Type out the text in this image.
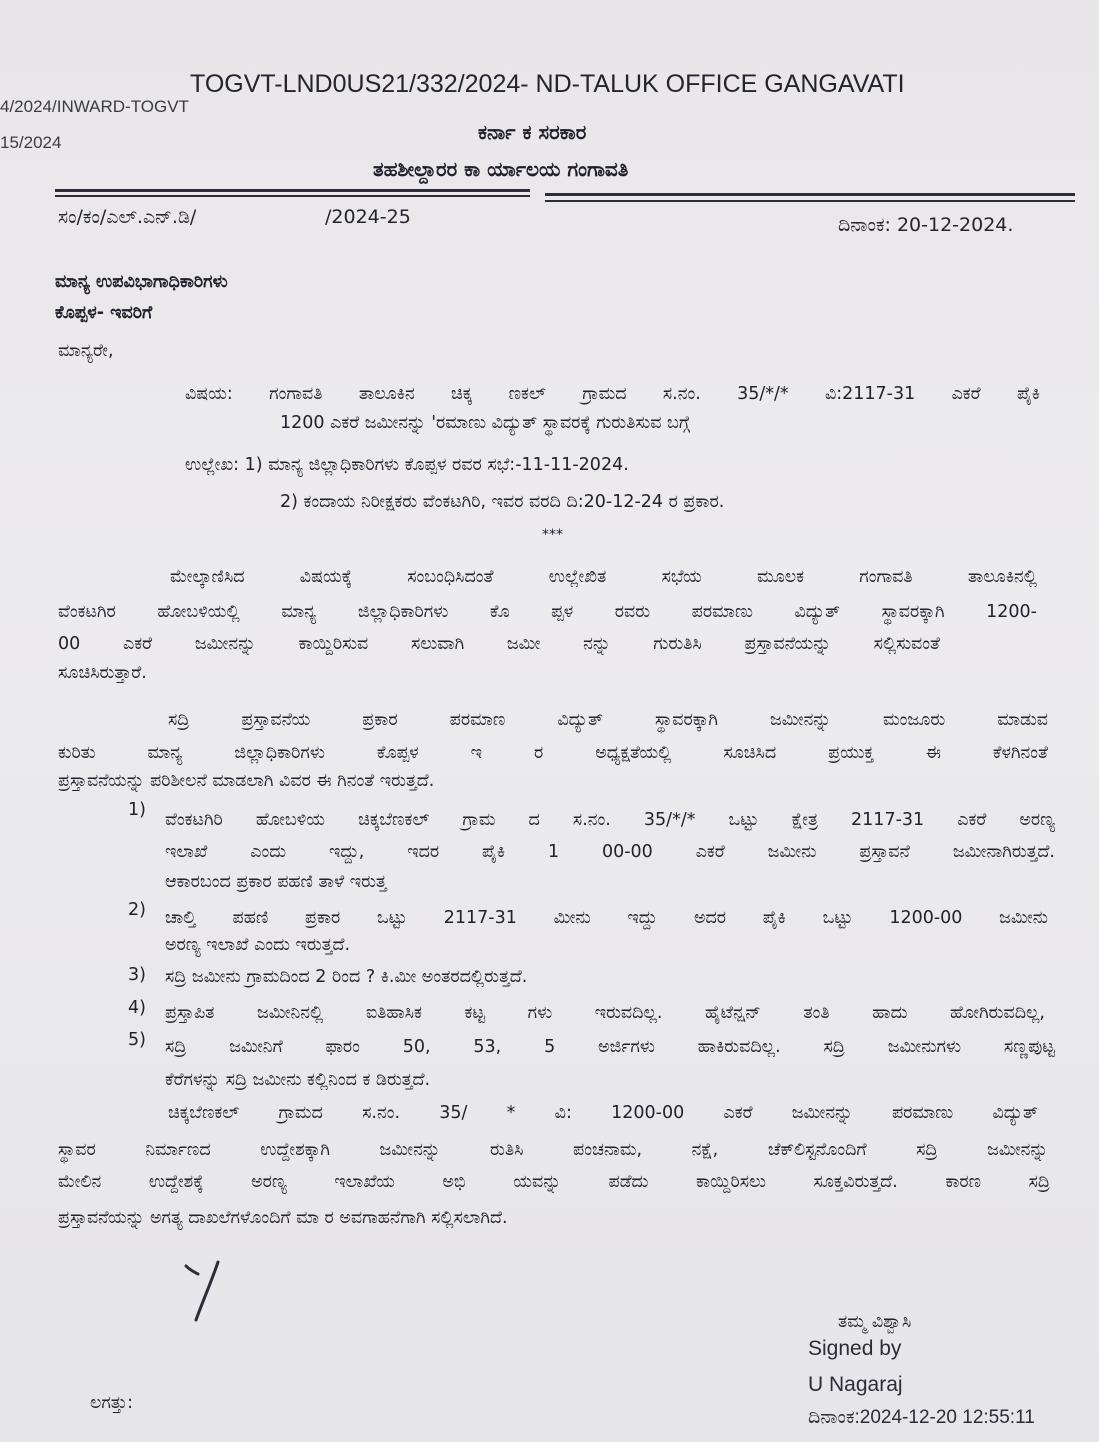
TOGVT-LND0US21/332/2024- ND-TALUK OFFICE GANGAVATI
4/2024/INWARD-TOGVT
15/2024	ಕರ್ನಾ ಕ ಸರಕಾರ
ತಹಶೀಲ್ದಾರರ ಕಾ ರ್ಯಾಲಯ ಗಂಗಾವತಿ
ಸಂ/ಕಂ/ಎಲ್.ಎನ್.ಡಿ/	/2024-25	ದಿನಾಂಕ: 20-12-2024.
ಮಾನ್ಯ ಉಪವಿಭಾಗಾಧಿಕಾರಿಗಳು
ಕೊಪ್ಪಳ- ಇವರಿಗೆ
ಮಾನ್ಯರೇ,
ವಿಷಯ: ಗಂಗಾವತಿ ತಾಲೂಕಿನ ಚಿಕ್ಕ ಣಕಲ್ ಗ್ರಾಮದ ಸ.ನಂ. 35/*/* ವಿ:2117-31 ಎಕರೆ ಪೈಕಿ
1200 ಎಕರೆ ಜಮೀನನ್ನು 'ರಮಾಣು ವಿದ್ಯುತ್ ಸ್ಥಾವರಕ್ಕೆ ಗುರುತಿಸುವ ಬಗ್ಗೆ
ಉಲ್ಲೇಖ: 1) ಮಾನ್ಯ ಜಿಲ್ಲಾಧಿಕಾರಿಗಳು ಕೊಪ್ಪಳ ರವರ ಸಭೆ:-11-11-2024.
2) ಕಂದಾಯ ನಿರೀಕ್ಷಕರು ವೆಂಕಟಗಿರಿ, ಇವರ ವರದಿ ದಿ:20-12-24 ರ ಪ್ರಕಾರ.
***
ಮೇಲ್ಕಾಣಿಸಿದ ವಿಷಯಕ್ಕೆ ಸಂಬಂಧಿಸಿದಂತೆ ಉಲ್ಲೇಖಿತ ಸಭೆಯ ಮೂಲಕ ಗಂಗಾವತಿ ತಾಲೂಕಿನಲ್ಲಿ
ವೆಂಕಟಗಿರ ಹೋಬಳಿಯಲ್ಲಿ ಮಾನ್ಯ ಜಿಲ್ಲಾಧಿಕಾರಿಗಳು ಕೊ ಪ್ಪಳ ರವರು ಪರಮಾಣು ವಿದ್ಯುತ್ ಸ್ಥಾವರಕ್ಕಾಗಿ 1200-
00 ಎಕರೆ ಜಮೀನನ್ನು ಕಾಯ್ದಿರಿಸುವ ಸಲುವಾಗಿ ಜಮೀ ನನ್ನು ಗುರುತಿಸಿ ಪ್ರಸ್ತಾವನೆಯನ್ನು ಸಲ್ಲಿಸುವಂತೆ
ಸೂಚಿಸಿರುತ್ತಾರೆ.
ಸದ್ರಿ ಪ್ರಸ್ತಾವನೆಯ ಪ್ರಕಾರ ಪರಮಾಣ ವಿದ್ಯುತ್ ಸ್ಥಾವರಕ್ಕಾಗಿ ಜಮೀನನ್ನು ಮಂಜೂರು ಮಾಡುವ
ಕುರಿತು ಮಾನ್ಯ ಜಿಲ್ಲಾಧಿಕಾರಿಗಳು ಕೊಪ್ಪಳ ಇ ರ ಅಧ್ಯಕ್ಷತೆಯಲ್ಲಿ ಸೂಚಿಸಿದ ಪ್ರಯುಕ್ತ ಈ ಕೆಳಗಿನಂತೆ
ಪ್ರಸ್ತಾವನೆಯನ್ನು ಪರಿಶೀಲನೆ ಮಾಡಲಾಗಿ ವಿವರ ಈ ಗಿನಂತೆ ಇರುತ್ತದೆ.
1) ವೆಂಕಟಗಿರಿ ಹೋಬಳಿಯ ಚಿಕ್ಕಬೆಣಕಲ್ ಗ್ರಾಮ ದ ಸ.ನಂ. 35/*/* ಒಟ್ಟು ಕ್ಷೇತ್ರ 2117-31 ಎಕರೆ ಅರಣ್ಯ
ಇಲಾಖೆ ಎಂದು ಇದ್ದು, ಇದರ ಪೈಕಿ 1 00-00 ಎಕರೆ ಜಮೀನು ಪ್ರಸ್ತಾವನೆ ಜಮೀನಾಗಿರುತ್ತದೆ.
ಆಕಾರಬಂದ ಪ್ರಕಾರ ಪಹಣಿ ತಾಳೆ ಇರುತ್ತ
2) ಚಾಲ್ತಿ ಪಹಣಿ ಪ್ರಕಾರ ಒಟ್ಟು 2117-31 ಮೀನು ಇದ್ದು ಅದರ ಪೈಕಿ ಒಟ್ಟು 1200-00 ಜಮೀನು
ಅರಣ್ಯ ಇಲಾಖೆ ಎಂದು ಇರುತ್ತದೆ.
3) ಸದ್ರಿ ಜಮೀನು ಗ್ರಾಮದಿಂದ 2 ರಿಂದ ? ಕಿ.ಮೀ ಅಂತರದಲ್ಲಿರುತ್ತದೆ.
4) ಪ್ರಸ್ತಾಪಿತ ಜಮೀನಿನಲ್ಲಿ ಐತಿಹಾಸಿಕ ಕಟ್ಟ ಗಳು ಇರುವದಿಲ್ಲ. ಹೈಟೆನ್ಷನ್ ತಂತಿ ಹಾದು ಹೋಗಿರುವದಿಲ್ಲ,
5) ಸದ್ರಿ ಜಮೀನಿಗೆ ಫಾರಂ 50, 53, 5 ಅರ್ಜಿಗಳು ಹಾಕಿರುವದಿಲ್ಲ. ಸದ್ರಿ ಜಮೀನುಗಳು ಸಣ್ಣಪುಟ್ಟ
ಕೆರೆಗಳನ್ನು ಸದ್ರಿ ಜಮೀನು ಕಲ್ಲಿನಿಂದ ಕ ಡಿರುತ್ತದೆ.
ಚಿಕ್ಕಬೆಣಕಲ್ ಗ್ರಾಮದ ಸ.ನಂ. 35/ * ವಿ: 1200-00 ಎಕರೆ ಜಮೀನನ್ನು ಪರಮಾಣು ವಿದ್ಯುತ್
ಸ್ಥಾವರ ನಿರ್ಮಾಣದ ಉದ್ದೇಶಕ್ಕಾಗಿ ಜಮೀನನ್ನು ರುತಿಸಿ ಪಂಚನಾಮ, ನಕ್ಷೆ, ಚೆಕ್‌ಲಿಸ್ಟನೊಂದಿಗೆ ಸದ್ರಿ ಜಮೀನನ್ನು
ಮೇಲಿನ ಉದ್ದೇಶಕ್ಕೆ ಅರಣ್ಯ ಇಲಾಖೆಯ ಅಭಿ ಯವನ್ನು ಪಡೆದು ಕಾಯ್ದಿರಿಸಲು ಸೂಕ್ತವಿರುತ್ತದೆ. ಕಾರಣ ಸದ್ರಿ
ಪ್ರಸ್ತಾವನೆಯನ್ನು ಅಗತ್ಯ ದಾಖಲೆಗಳೊಂದಿಗೆ ಮಾ ರ ಅವಗಾಹನೆಗಾಗಿ ಸಲ್ಲಿಸಲಾಗಿದೆ.
ತಮ್ಮ ವಿಶ್ವಾಸಿ
Signed by
U Nagaraj
ದಿನಾಂಕ:2024-12-20 12:55:11
ಲಗತ್ತು:
